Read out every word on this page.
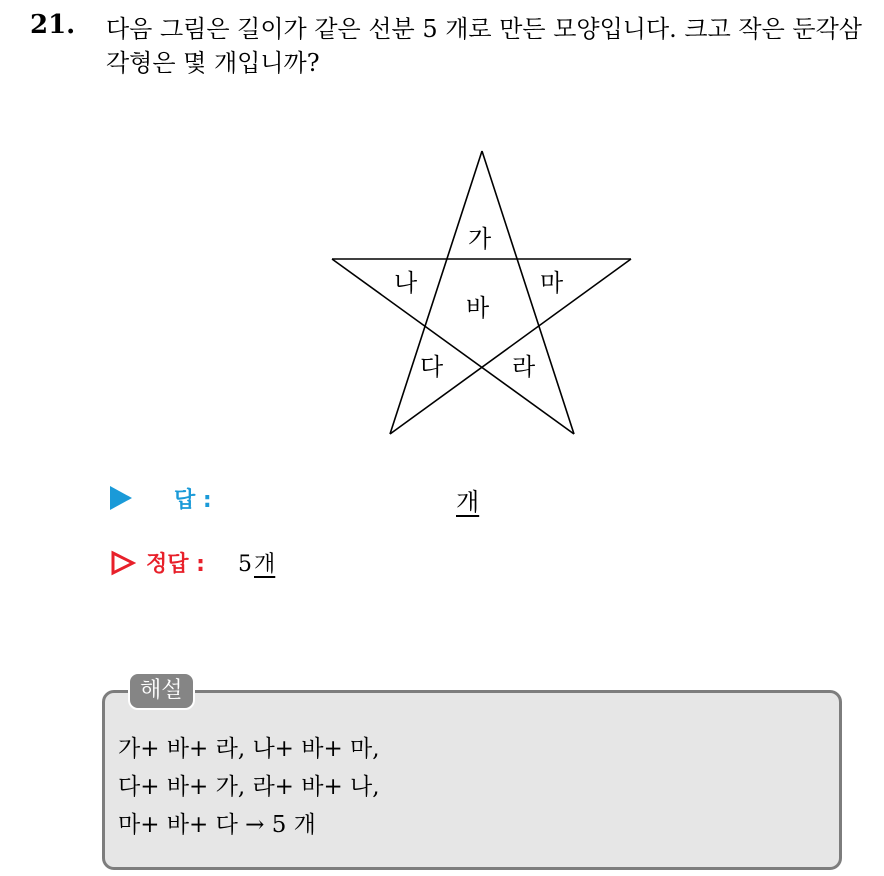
21. 다음 그림은 길이가 같은 선분 5 개로 만든 모양입니다. 크고 작은 둔각삼각형은 몇 개입니까?
가
나	마
바
다	라
답 :	개
정답 : 5개
해설
가+ 바+ 라, 나+ 바+ 마,
다+ 바+ 가, 라+ 바+ 나,
마+ 바+ 다 → 5 개
